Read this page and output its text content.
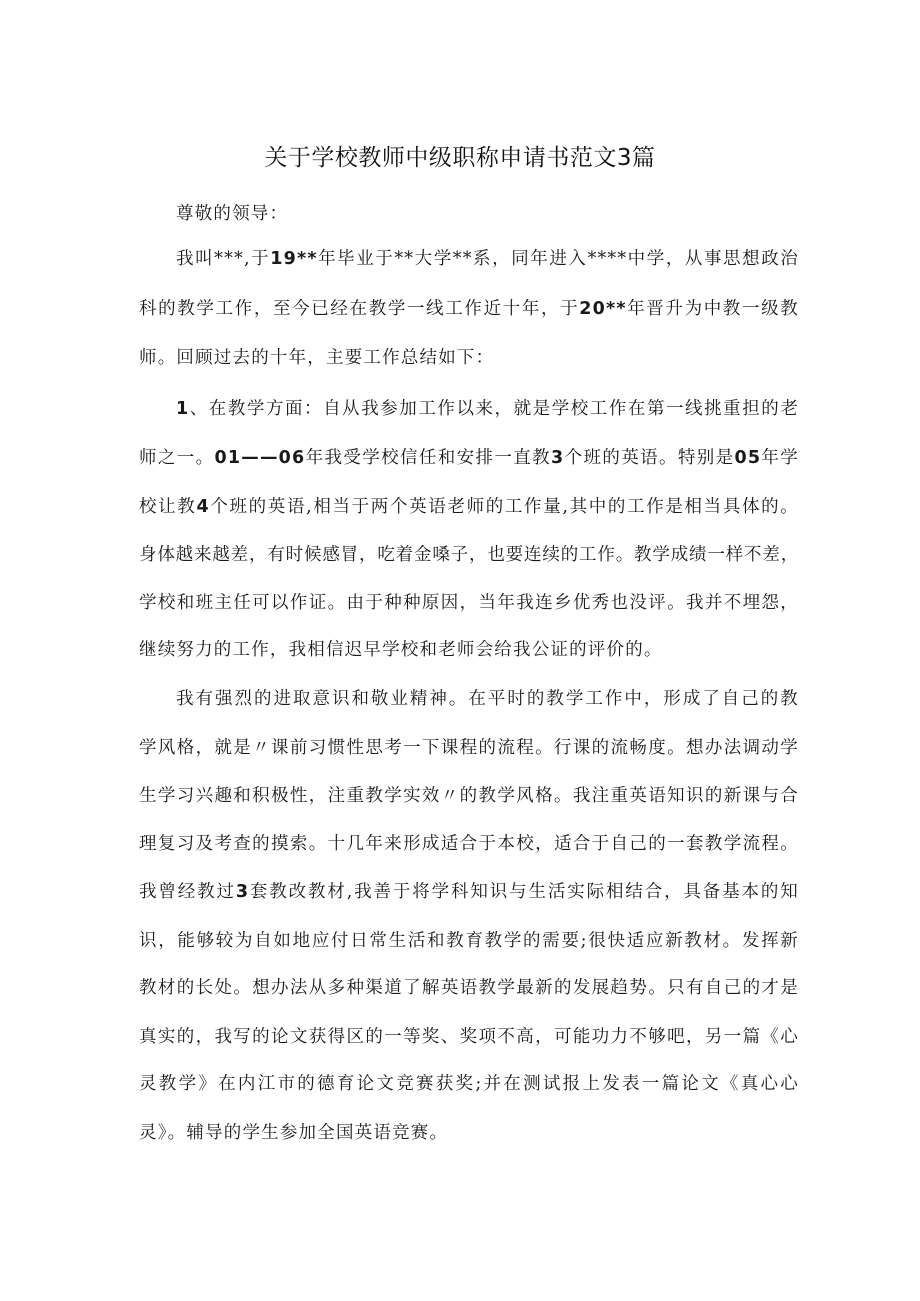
关于学校教师中级职称申请书范文3篇
尊敬的领导：
我叫***,于19**年毕业于**大学**系，同年进入****中学，从事思想政治
科的教学工作，至今已经在教学一线工作近十年，于20**年晋升为中教一级教
师。回顾过去的十年，主要工作总结如下：
1、在教学方面：自从我参加工作以来，就是学校工作在第一线挑重担的老
师之一。01——06年我受学校信任和安排一直教3个班的英语。特别是05年学
校让教4个班的英语,相当于两个英语老师的工作量,其中的工作是相当具体的。
身体越来越差，有时候感冒，吃着金嗓子，也要连续的工作。教学成绩一样不差，
学校和班主任可以作证。由于种种原因，当年我连乡优秀也没评。我并不埋怨，
继续努力的工作，我相信迟早学校和老师会给我公证的评价的。
我有强烈的进取意识和敬业精神。在平时的教学工作中，形成了自己的教
学风格，就是〃课前习惯性思考一下课程的流程。行课的流畅度。想办法调动学
生学习兴趣和积极性，注重教学实效〃的教学风格。我注重英语知识的新课与合
理复习及考查的摸索。十几年来形成适合于本校，适合于自己的一套教学流程。
我曾经教过3套教改教材,我善于将学科知识与生活实际相结合，具备基本的知
识，能够较为自如地应付日常生活和教育教学的需要;很快适应新教材。发挥新
教材的长处。想办法从多种渠道了解英语教学最新的发展趋势。只有自己的才是
真实的，我写的论文获得区的一等奖、奖项不高，可能功力不够吧，另一篇《心
灵教学》在内江市的德育论文竞赛获奖;并在测试报上发表一篇论文《真心心
灵》。辅导的学生参加全国英语竞赛。
